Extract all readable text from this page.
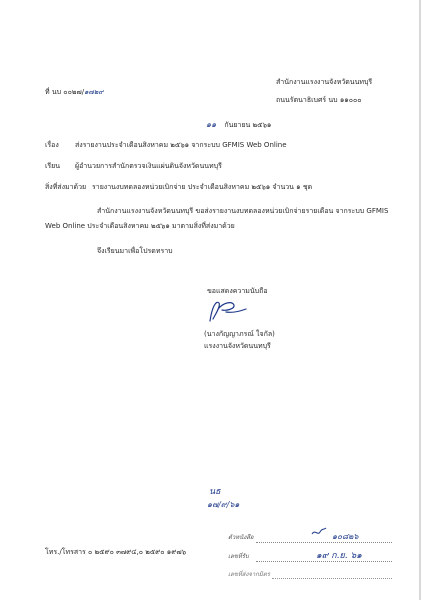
ที่ นบ ๐๐๒๗/๑๗๒๙
สำนักงานแรงงานจังหวัดนนทบุรี
ถนนรัตนาธิเบศร์ นบ ๑๑๐๐๐
๑๑ กันยายน ๒๕๖๑
เรื่อง ส่งรายงานประจำเดือนสิงหาคม ๒๕๖๑ จากระบบ GFMIS Web Online
เรียน ผู้อำนวยการสำนักตรวจเงินแผ่นดินจังหวัดนนทบุรี
สิ่งที่ส่งมาด้วย รายงานงบทดลองหน่วยเบิกจ่าย ประจำเดือนสิงหาคม ๒๕๖๑ จำนวน ๑ ชุด
สำนักงานแรงงานจังหวัดนนทบุรี ขอส่งรายงานงบทดลองหน่วยเบิกจ่ายรายเดือน จากระบบ GFMIS
Web Online ประจำเดือนสิงหาคม ๒๕๖๑ มาตามสิ่งที่ส่งมาด้วย
จึงเรียนมาเพื่อโปรดทราบ
ขอแสดงความนับถือ
(นางกัญญาภรณ์ ใจกัล)
แรงงานจังหวัดนนทบุรี
นธ
๑๗/๙/๖๑
โทร./โทรสาร ๐ ๒๕๙๐ ๓๗๙๔,๐ ๒๕๙๐ ๑๙๗๖
ตัวหนังสือ	๑๐๘๒๖
เลขที่รับ	๑๙ ก.ย. ๖๑
เลขที่ส่งจากมิตร
